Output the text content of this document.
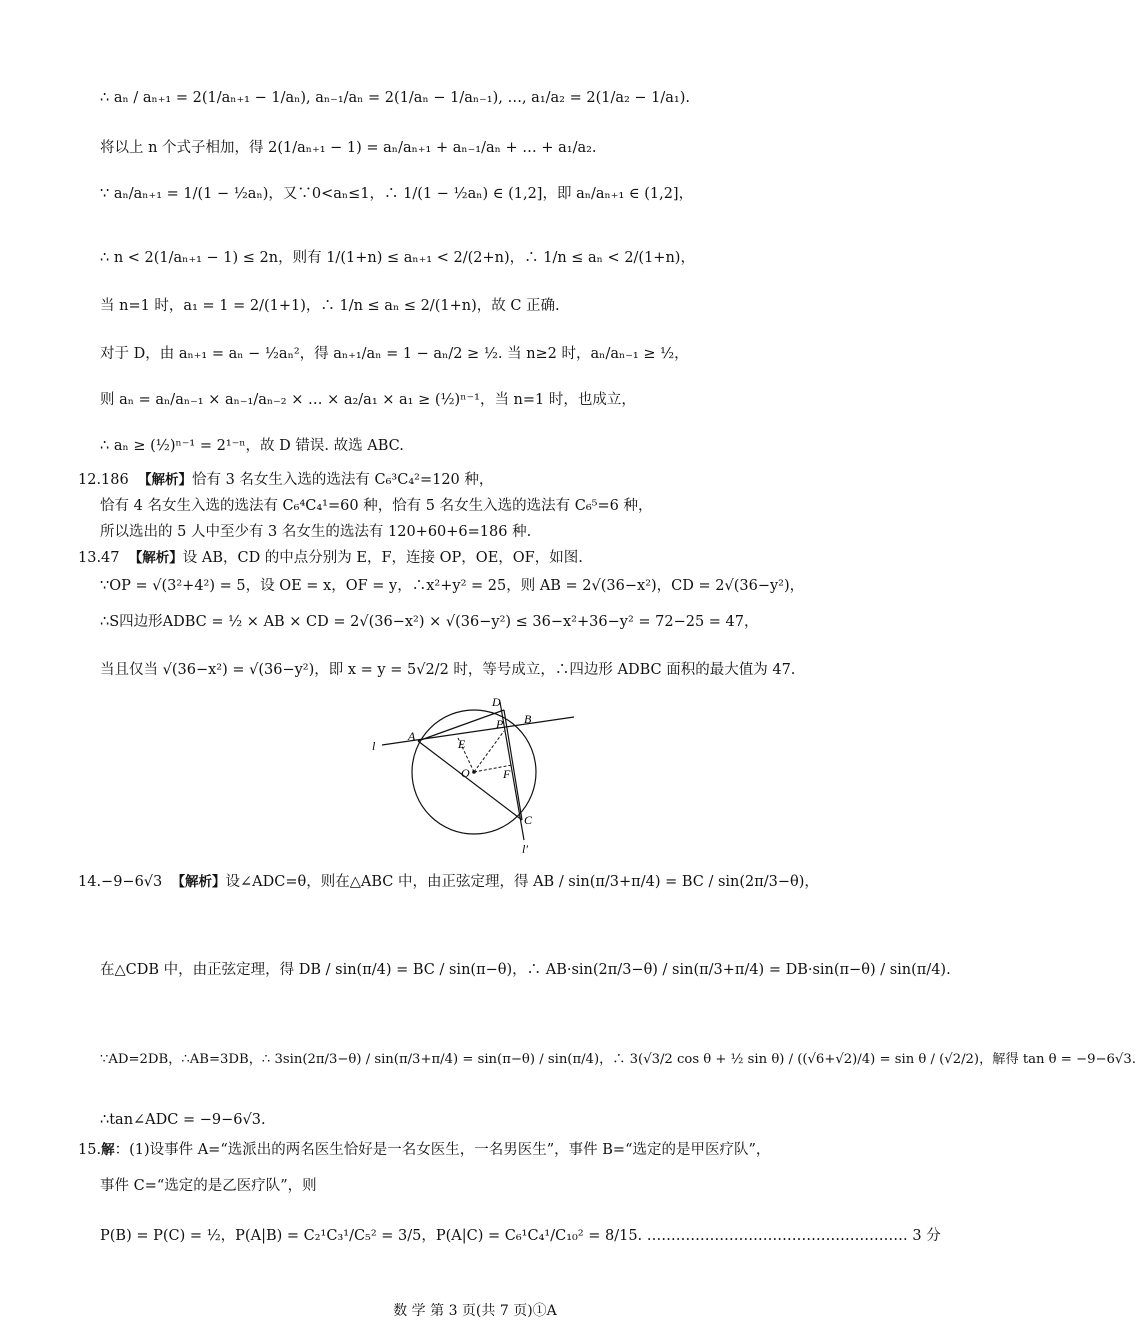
∴ aₙ / aₙ₊₁ = 2(1/aₙ₊₁ − 1/aₙ), aₙ₋₁/aₙ = 2(1/aₙ − 1/aₙ₋₁), …, a₁/a₂ = 2(1/a₂ − 1/a₁).
将以上 n 个式子相加，得 2(1/aₙ₊₁ − 1) = aₙ/aₙ₊₁ + aₙ₋₁/aₙ + … + a₁/a₂.
∵ aₙ/aₙ₊₁ = 1/(1 − ½aₙ)，又∵0<aₙ≤1，∴ 1/(1 − ½aₙ) ∈ (1,2]，即 aₙ/aₙ₊₁ ∈ (1,2]，
∴ n < 2(1/aₙ₊₁ − 1) ≤ 2n，则有 1/(1+n) ≤ aₙ₊₁ < 2/(2+n)，∴ 1/n ≤ aₙ < 2/(1+n)，
当 n=1 时，a₁ = 1 = 2/(1+1)，∴ 1/n ≤ aₙ ≤ 2/(1+n)，故 C 正确.
对于 D，由 aₙ₊₁ = aₙ − ½aₙ²，得 aₙ₊₁/aₙ = 1 − aₙ/2 ≥ ½. 当 n≥2 时，aₙ/aₙ₋₁ ≥ ½，
则 aₙ = aₙ/aₙ₋₁ × aₙ₋₁/aₙ₋₂ × … × a₂/a₁ × a₁ ≥ (½)ⁿ⁻¹，当 n=1 时，也成立，
∴ aₙ ≥ (½)ⁿ⁻¹ = 2¹⁻ⁿ，故 D 错误. 故选 ABC.
12.186 【解析】恰有 3 名女生入选的选法有 C₆³C₄²=120 种，
恰有 4 名女生入选的选法有 C₆⁴C₄¹=60 种，恰有 5 名女生入选的选法有 C₆⁵=6 种，
所以选出的 5 人中至少有 3 名女生的选法有 120+60+6=186 种.
13.47 【解析】设 AB，CD 的中点分别为 E，F，连接 OP，OE，OF，如图.
∵OP = √(3²+4²) = 5，设 OE = x，OF = y，∴x²+y² = 25，则 AB = 2√(36−x²)，CD = 2√(36−y²)，
∴S四边形ADBC = ½ × AB × CD = 2√(36−x²) × √(36−y²) ≤ 36−x²+36−y² = 72−25 = 47，
当且仅当 √(36−x²) = √(36−y²)，即 x = y = 5√2/2 时，等号成立，∴四边形 ADBC 面积的最大值为 47.
D
B
A
P
E
O	F
C
l
l′
14.−9−6√3 【解析】设∠ADC=θ，则在△ABC 中，由正弦定理，得 AB / sin(π/3+π/4) = BC / sin(2π/3−θ)，
在△CDB 中，由正弦定理，得 DB / sin(π/4) = BC / sin(π−θ)，∴ AB·sin(2π/3−θ) / sin(π/3+π/4) = DB·sin(π−θ) / sin(π/4).
∵AD=2DB，∴AB=3DB，∴ 3sin(2π/3−θ) / sin(π/3+π/4) = sin(π−θ) / sin(π/4)，∴ 3(√3/2 cos θ + ½ sin θ) / ((√6+√2)/4) = sin θ / (√2/2)，解得 tan θ = −9−6√3.
∴tan∠ADC = −9−6√3.
15.解：(1)设事件 A=“选派出的两名医生恰好是一名女医生，一名男医生”，事件 B=“选定的是甲医疗队”，
事件 C=“选定的是乙医疗队”，则
P(B) = P(C) = ½，P(A|B) = C₂¹C₃¹/C₅² = 3/5，P(A|C) = C₆¹C₄¹/C₁₀² = 8/15. ……………………………………………… 3 分
数 学 第 3 页(共 7 页)①A
